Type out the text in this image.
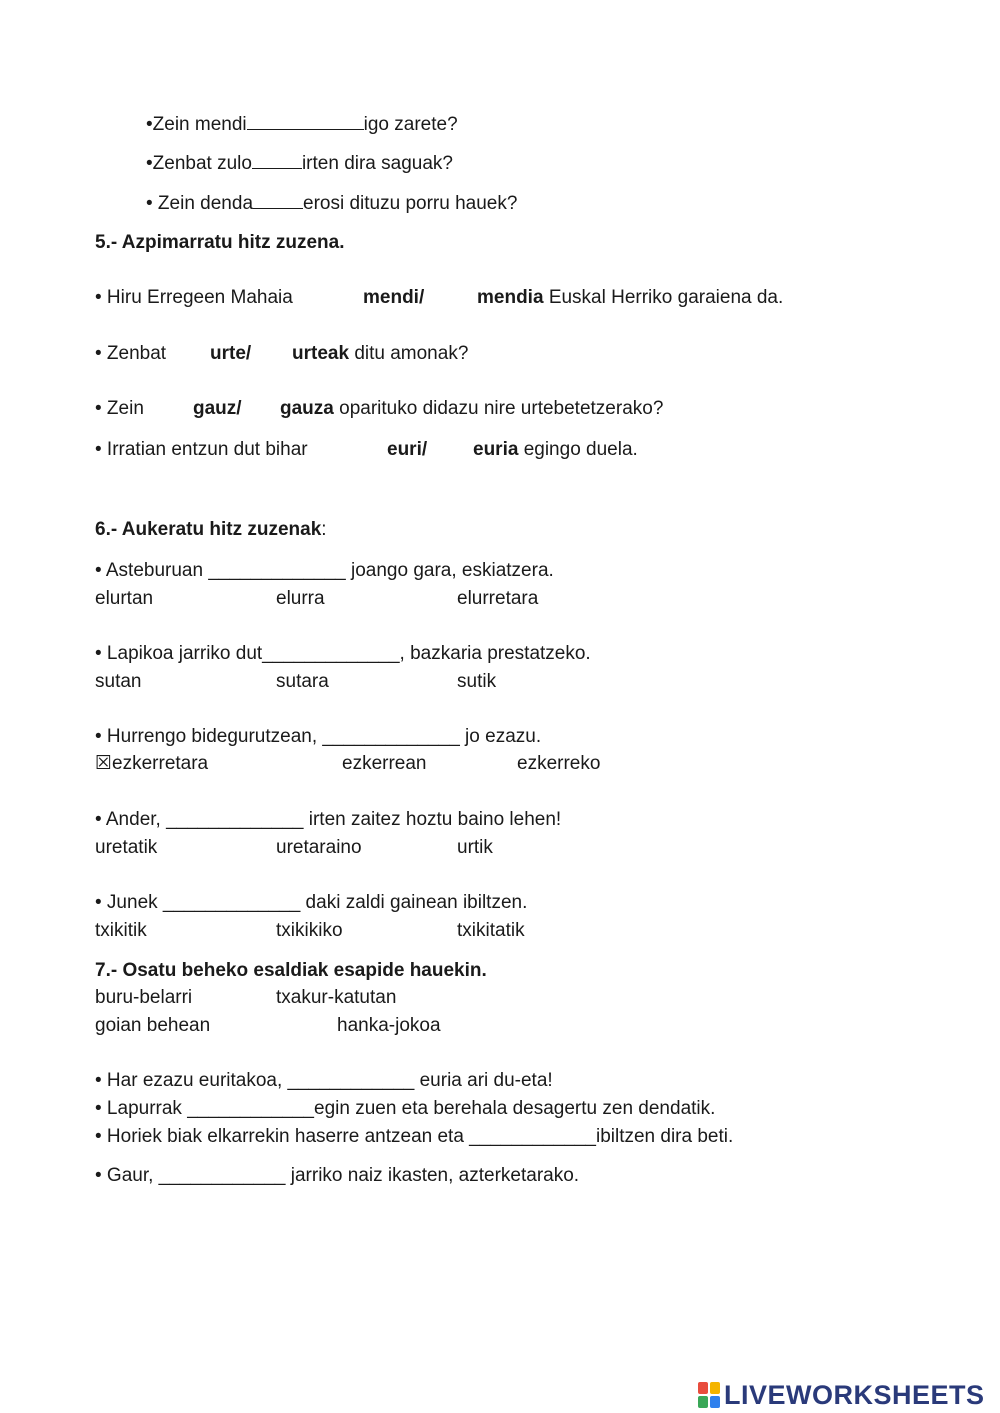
•Zein mendi	igo zarete?
•Zenbat zulo	irten dira saguak?
• Zein denda	erosi dituzu porru hauek?
5.- Azpimarratu hitz zuzena.
• Hiru Erregeen Mahaia	mendi/	mendia Euskal Herriko garaiena da.
• Zenbat urte/ urteak ditu amonak?
• Zein	gauz/ gauza oparituko didazu nire urtebetetzerako?
• Irratian entzun dut bihar	euri/ euria egingo duela.
6.- Aukeratu hitz zuzenak:
• Asteburuan _____________ joango gara, eskiatzera.
elurtan	elurra	elurretara
• Lapikoa jarriko dut_____________, bazkaria prestatzeko.
sutan	sutara	sutik
• Hurrengo bidegurutzean, _____________ jo ezazu.
☒ezkerretara	ezkerrean	ezkerreko
• Ander, _____________ irten zaitez hoztu baino lehen!
uretatik	uretaraino	urtik
• Junek _____________ daki zaldi gainean ibiltzen.
txikitik	txikikiko	txikitatik
7.- Osatu beheko esaldiak esapide hauekin.
buru-belarri	txakur-katutan
goian behean	hanka-jokoa
• Har ezazu euritakoa, ____________ euria ari du-eta!
• Lapurrak ____________egin zuen eta berehala desagertu zen dendatik.
• Horiek biak elkarrekin haserre antzean eta ____________ibiltzen dira beti.
• Gaur, ____________ jarriko naiz ikasten, azterketarako.
LIVEWORKSHEETS
